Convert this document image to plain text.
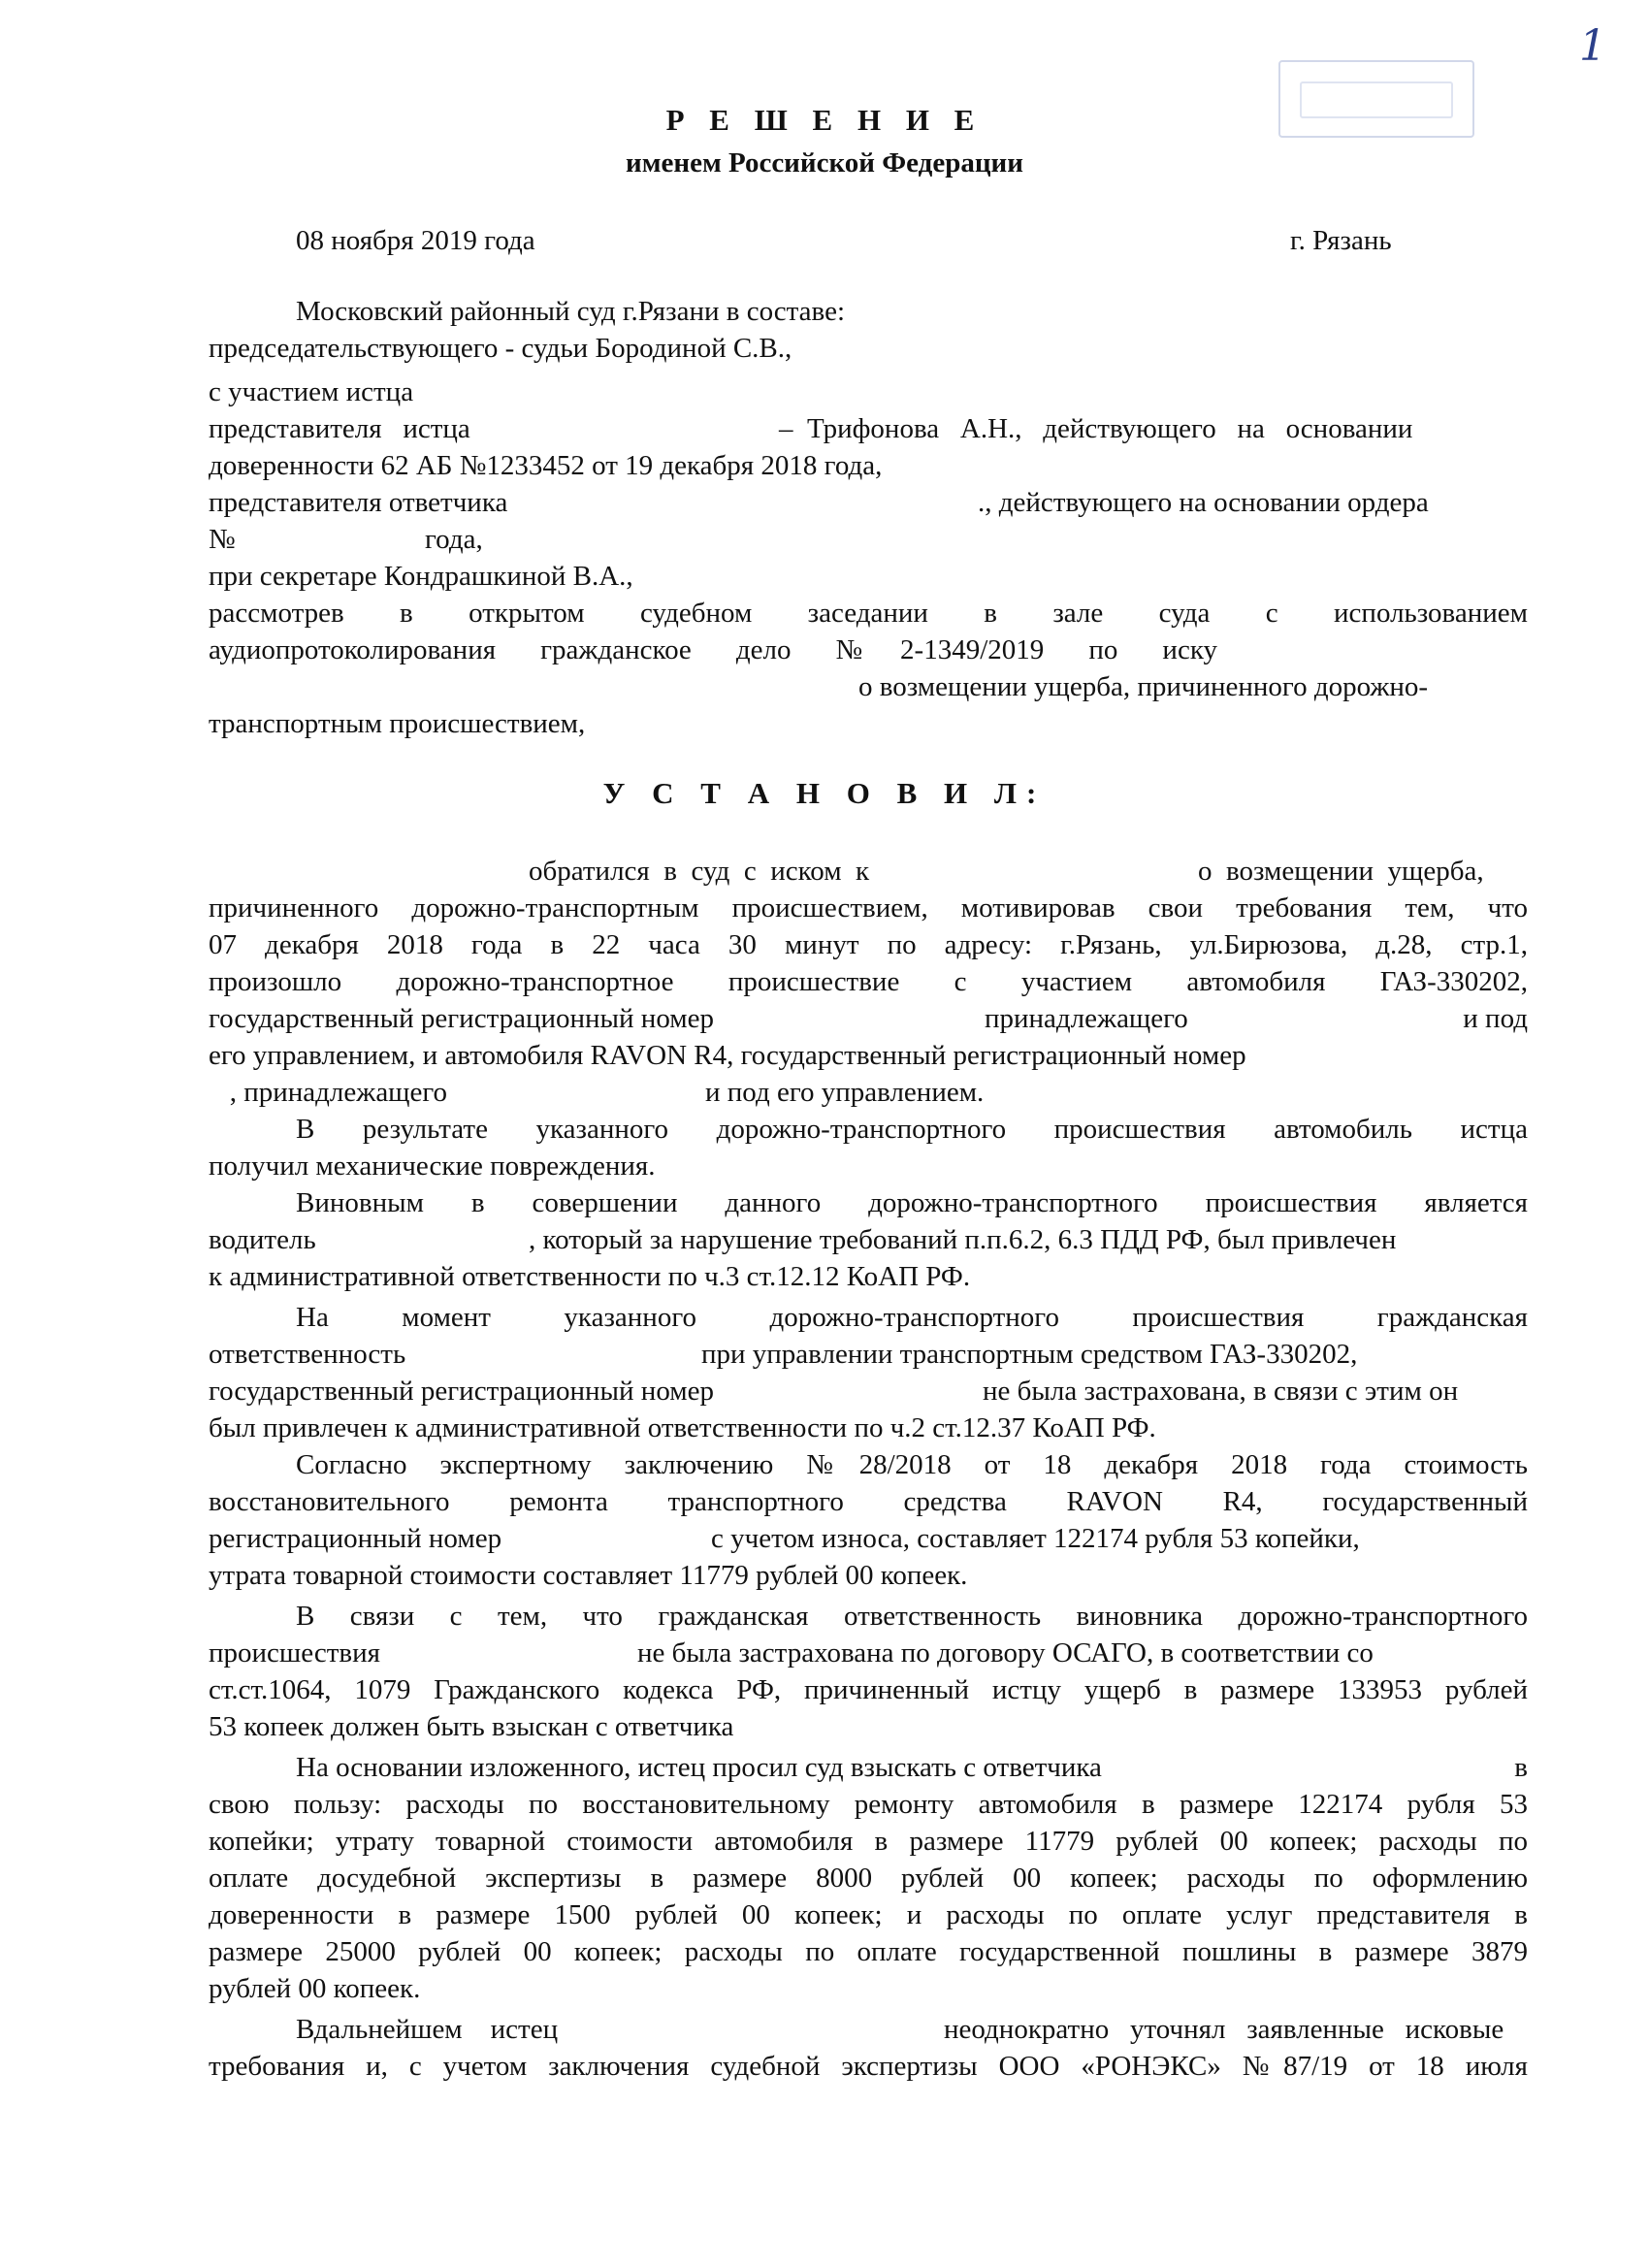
1
Р Е Ш Е Н И Е
именем Российской Федерации
08 ноября 2019 года	г. Рязань
Московский районный суд г.Рязани в составе:
председательствующего - судьи Бородиной С.В.,
с участием истца
представителя   истца	–  Трифонова   А.Н.,   действующего   на   основании
доверенности 62 АБ №1233452 от 19 декабря 2018 года,
представителя ответчика	., действующего на основании ордера
№	года,
при секретаре Кондрашкиной В.А.,
рассмотрев в открытом судебном заседании в зале суда с использованием
аудиопротоколирования гражданское дело №2-1349/2019 по иску
о возмещении ущерба, причиненного дорожно-
транспортным происшествием,
У С Т А Н О В И Л:
обратился  в  суд  с  иском  к	о  возмещении  ущерба,
причиненного дорожно-транспортным происшествием, мотивировав свои требования тем, что
07 декабря 2018 года в 22 часа 30 минут по адресу: г.Рязань, ул.Бирюзова, д.28, стр.1,
произошло дорожно-транспортное происшествие с участием автомобиля ГАЗ-330202,
государственный регистрационный номер	принадлежащего	и под
его управлением, и автомобиля RAVON R4, государственный регистрационный номер
, принадлежащего	и под его управлением.
В результате указанного дорожно-транспортного происшествия автомобиль истца
получил механические повреждения.
Виновным в совершении данного дорожно-транспортного происшествия является
водитель	, который за нарушение требований п.п.6.2, 6.3 ПДД РФ, был привлечен
к административной ответственности по ч.3 ст.12.12 КоАП РФ.
На момент указанного дорожно-транспортного происшествия гражданская
ответственность	при управлении транспортным средством ГАЗ-330202,
государственный регистрационный номер	не была застрахована, в связи с этим он
был привлечен к административной ответственности по ч.2 ст.12.37 КоАП РФ.
Согласно экспертному заключению №28/2018 от 18 декабря 2018 года стоимость
восстановительного ремонта транспортного средства RAVON R4, государственный
регистрационный номер	с учетом износа, составляет 122174 рубля 53 копейки,
утрата товарной стоимости составляет 11779 рублей 00 копеек.
В связи с тем, что гражданская ответственность виновника дорожно-транспортного
происшествия	не была застрахована по договору ОСАГО, в соответствии со
ст.ст.1064, 1079 Гражданского кодекса РФ, причиненный истцу ущерб в размере 133953 рублей
53 копеек должен быть взыскан с ответчика
На основании изложенного, истец просил суд взыскать с ответчика	в
свою пользу: расходы по восстановительному ремонту автомобиля в размере 122174 рубля 53
копейки; утрату товарной стоимости автомобиля в размере 11779 рублей 00 копеек; расходы по
оплате досудебной экспертизы в размере 8000 рублей 00 копеек; расходы по оформлению
доверенности в размере 1500 рублей 00 копеек; и расходы по оплате услуг представителя в
размере 25000 рублей 00 копеек; расходы по оплате государственной пошлины в размере 3879
рублей 00 копеек.
Вдальнейшем    истец	неоднократно   уточнял   заявленные   исковые
требования и, с учетом заключения судебной экспертизы ООО «РОНЭКС» №87/19 от 18 июля
